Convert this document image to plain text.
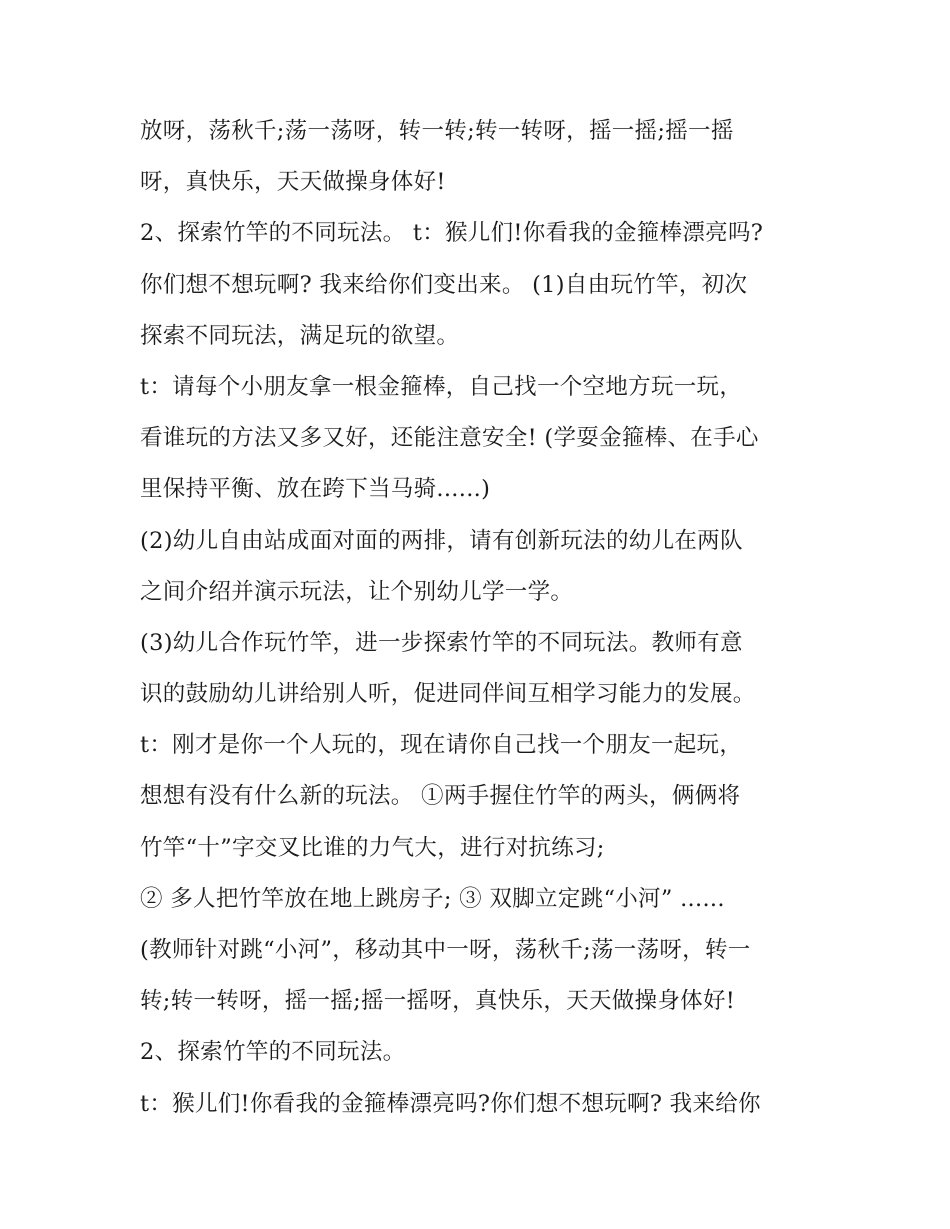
放呀，荡秋千;荡一荡呀，转一转;转一转呀，摇一摇;摇一摇
呀，真快乐，天天做操身体好!
2、探索竹竿的不同玩法。 t：猴儿们!你看我的金箍棒漂亮吗?
你们想不想玩啊? 我来给你们变出来。 (1)自由玩竹竿，初次
探索不同玩法，满足玩的欲望。
t：请每个小朋友拿一根金箍棒，自己找一个空地方玩一玩，
看谁玩的方法又多又好，还能注意安全! (学耍金箍棒、在手心
里保持平衡、放在跨下当马骑......)
(2)幼儿自由站成面对面的两排，请有创新玩法的幼儿在两队
之间介绍并演示玩法，让个别幼儿学一学。
(3)幼儿合作玩竹竿，进一步探索竹竿的不同玩法。教师有意
识的鼓励幼儿讲给别人听，促进同伴间互相学习能力的发展。
t：刚才是你一个人玩的，现在请你自己找一个朋友一起玩，
想想有没有什么新的玩法。 ①两手握住竹竿的两头，俩俩将
竹竿“十”字交叉比谁的力气大，进行对抗练习;
② 多人把竹竿放在地上跳房子; ③ 双脚立定跳“小河” ......
(教师针对跳“小河”，移动其中一呀，荡秋千;荡一荡呀，转一
转;转一转呀，摇一摇;摇一摇呀，真快乐，天天做操身体好!
2、探索竹竿的不同玩法。
t：猴儿们!你看我的金箍棒漂亮吗?你们想不想玩啊? 我来给你
